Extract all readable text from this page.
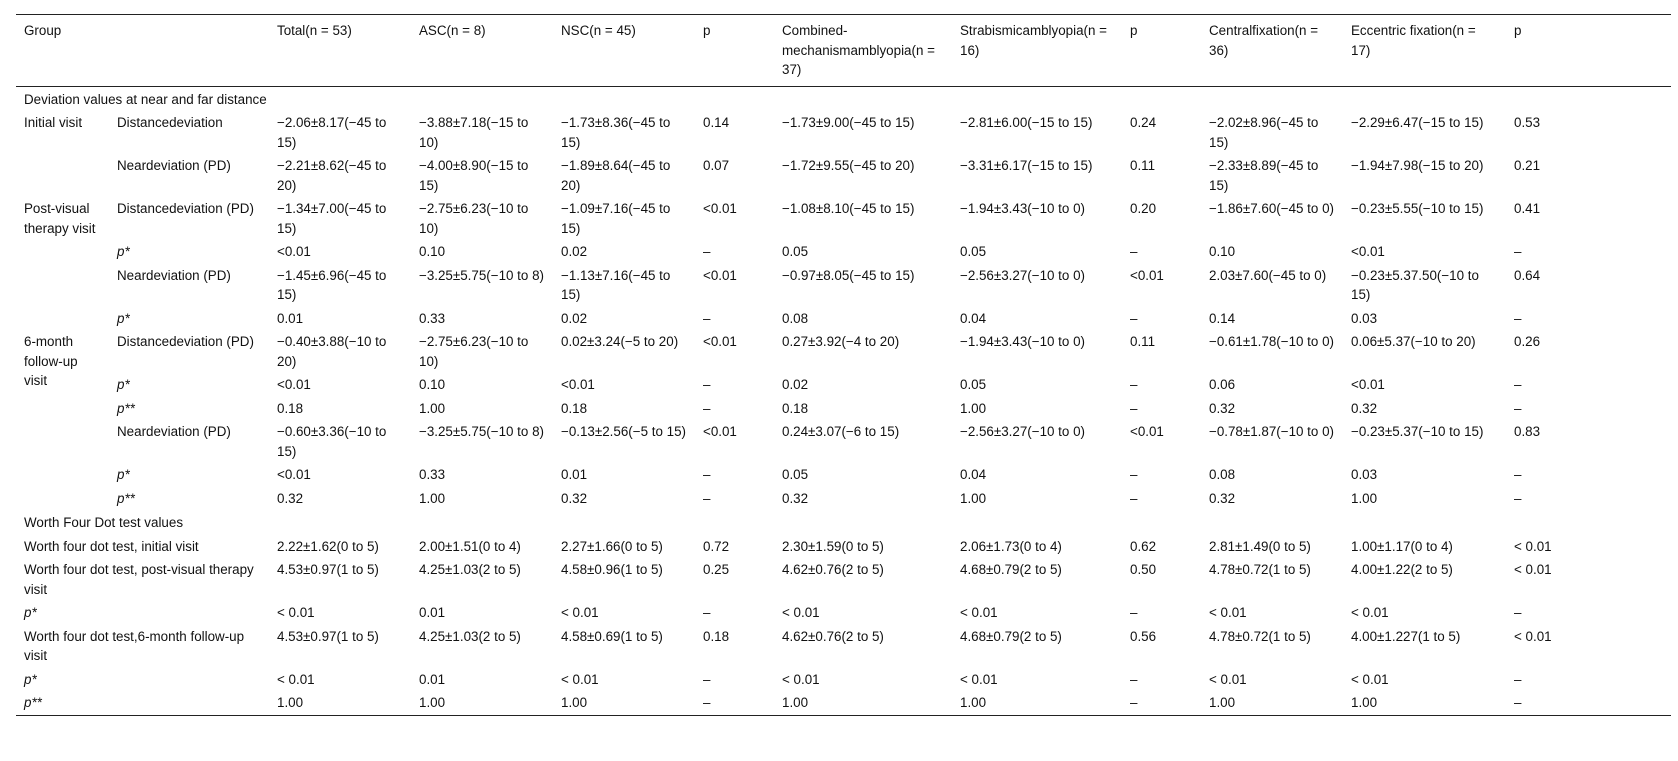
Group		Total(n = 53)	ASC(n = 8)	NSC(n = 45)	p	Combined-mechanismamblyopia(n = 37)	Strabismicamblyopia(n = 16)	p	Centralfixation(n = 36)	Eccentric fixation(n = 17)	p
Deviation values at near and far distance											
Initial visit	Distancedeviation	−2.06±8.17(−45 to 15)	−3.88±7.18(−15 to 10)	−1.73±8.36(−45 to 15)	0.14	−1.73±9.00(−45 to 15)	−2.81±6.00(−15 to 15)	0.24	−2.02±8.96(−45 to 15)	−2.29±6.47(−15 to 15)	0.53
	Neardeviation (PD)	−2.21±8.62(−45 to 20)	−4.00±8.90(−15 to 15)	−1.89±8.64(−45 to 20)	0.07	−1.72±9.55(−45 to 20)	−3.31±6.17(−15 to 15)	0.11	−2.33±8.89(−45 to 15)	−1.94±7.98(−15 to 20)	0.21
Post-visual therapy visit	Distancedeviation (PD)	−1.34±7.00(−45 to 15)	−2.75±6.23(−10 to 10)	−1.09±7.16(−45 to 15)	<0.01	−1.08±8.10(−45 to 15)	−1.94±3.43(−10 to 0)	0.20	−1.86±7.60(−45 to 0)	−0.23±5.55(−10 to 15)	0.41
	p*	<0.01	0.10	0.02	–	0.05	0.05	–	0.10	<0.01	–
	Neardeviation (PD)	−1.45±6.96(−45 to 15)	−3.25±5.75(−10 to 8)	−1.13±7.16(−45 to 15)	<0.01	−0.97±8.05(−45 to 15)	−2.56±3.27(−10 to 0)	<0.01	2.03±7.60(−45 to 0)	−0.23±5.37.50(−10 to 15)	0.64
	p*	0.01	0.33	0.02	–	0.08	0.04	–	0.14	0.03	–
6-month follow-up visit	Distancedeviation (PD)	−0.40±3.88(−10 to 20)	−2.75±6.23(−10 to 10)	0.02±3.24(−5 to 20)	<0.01	0.27±3.92(−4 to 20)	−1.94±3.43(−10 to 0)	0.11	−0.61±1.78(−10 to 0)	0.06±5.37(−10 to 20)	0.26
	p*	<0.01	0.10	<0.01	–	0.02	0.05	–	0.06	<0.01	–
	p**	0.18	1.00	0.18	–	0.18	1.00	–	0.32	0.32	–
	Neardeviation (PD)	−0.60±3.36(−10 to 15)	−3.25±5.75(−10 to 8)	−0.13±2.56(−5 to 15)	<0.01	0.24±3.07(−6 to 15)	−2.56±3.27(−10 to 0)	<0.01	−0.78±1.87(−10 to 0)	−0.23±5.37(−10 to 15)	0.83
	p*	<0.01	0.33	0.01	–	0.05	0.04	–	0.08	0.03	–
	p**	0.32	1.00	0.32	–	0.32	1.00	–	0.32	1.00	–
Worth Four Dot test values											
Worth four dot test, initial visit		2.22±1.62(0 to 5)	2.00±1.51(0 to 4)	2.27±1.66(0 to 5)	0.72	2.30±1.59(0 to 5)	2.06±1.73(0 to 4)	0.62	2.81±1.49(0 to 5)	1.00±1.17(0 to 4)	< 0.01
Worth four dot test, post-visual therapy visit		4.53±0.97(1 to 5)	4.25±1.03(2 to 5)	4.58±0.96(1 to 5)	0.25	4.62±0.76(2 to 5)	4.68±0.79(2 to 5)	0.50	4.78±0.72(1 to 5)	4.00±1.22(2 to 5)	< 0.01
p*		< 0.01	0.01	< 0.01	–	< 0.01	< 0.01	–	< 0.01	< 0.01	–
Worth four dot test,6-month follow-up visit		4.53±0.97(1 to 5)	4.25±1.03(2 to 5)	4.58±0.69(1 to 5)	0.18	4.62±0.76(2 to 5)	4.68±0.79(2 to 5)	0.56	4.78±0.72(1 to 5)	4.00±1.227(1 to 5)	< 0.01
p*		< 0.01	0.01	< 0.01	–	< 0.01	< 0.01	–	< 0.01	< 0.01	–
p**		1.00	1.00	1.00	–	1.00	1.00	–	1.00	1.00	–
